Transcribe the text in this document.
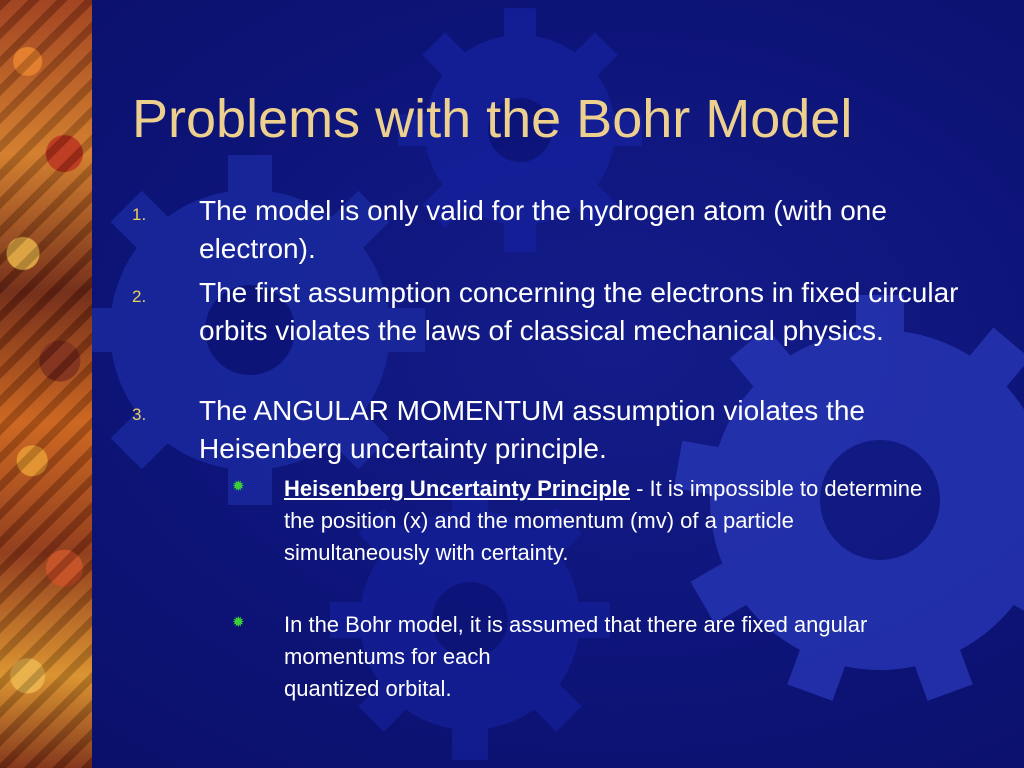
Problems with the Bohr Model
1. The model is only valid for the hydrogen atom (with one electron).
2. The first assumption concerning the electrons in fixed circular orbits violates the laws of classical mechanical physics.
3. The ANGULAR MOMENTUM assumption violates the Heisenberg uncertainty principle.
✹ Heisenberg Uncertainty Principle - It is impossible to determine
the position (x) and the momentum (mv) of a particle
simultaneously with certainty.
✹ In the Bohr model, it is assumed that there are fixed angular momentums for each
quantized orbital.
